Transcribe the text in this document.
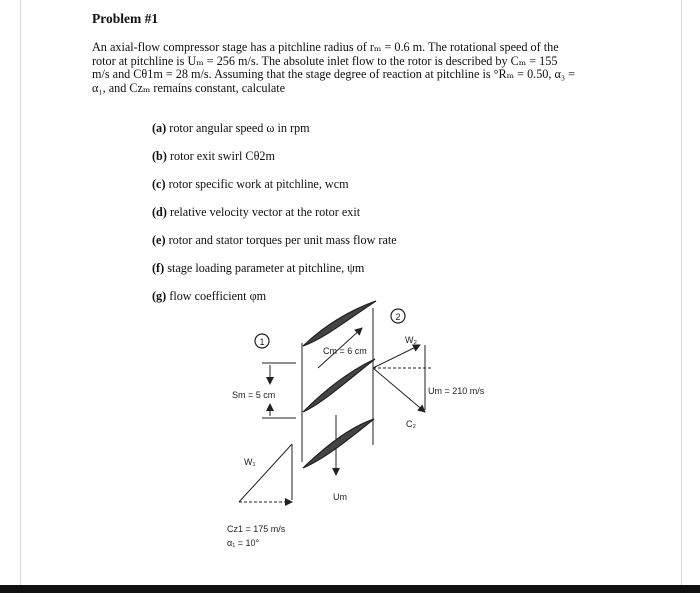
Problem #1

An axial-flow compressor stage has a pitchline radius of rₘ = 0.6 m. The rotational speed of the

rotor at pitchline is Uₘ = 256 m/s. The absolute inlet flow to the rotor is described by Cₘ = 155

m/s and Cθ1m = 28 m/s. Assuming that the stage degree of reaction at pitchline is °Rₘ = 0.50, α₃ =

α₁, and Czₘ remains constant, calculate

(a) rotor angular speed ω in rpm
(b) rotor exit swirl Cθ2m
(c) rotor specific work at pitchline, wcm
(d) relative velocity vector at the rotor exit
(e) rotor and stator torques per unit mass flow rate
(f) stage loading parameter at pitchline, ψm
(g) flow coefficient φm
1
2
Cm = 6 cm
Sm = 5 cm
W₁
Cz1 = 175 m/s
α₁ = 10°
W₂
C₂
Um = 210 m/s
Um
